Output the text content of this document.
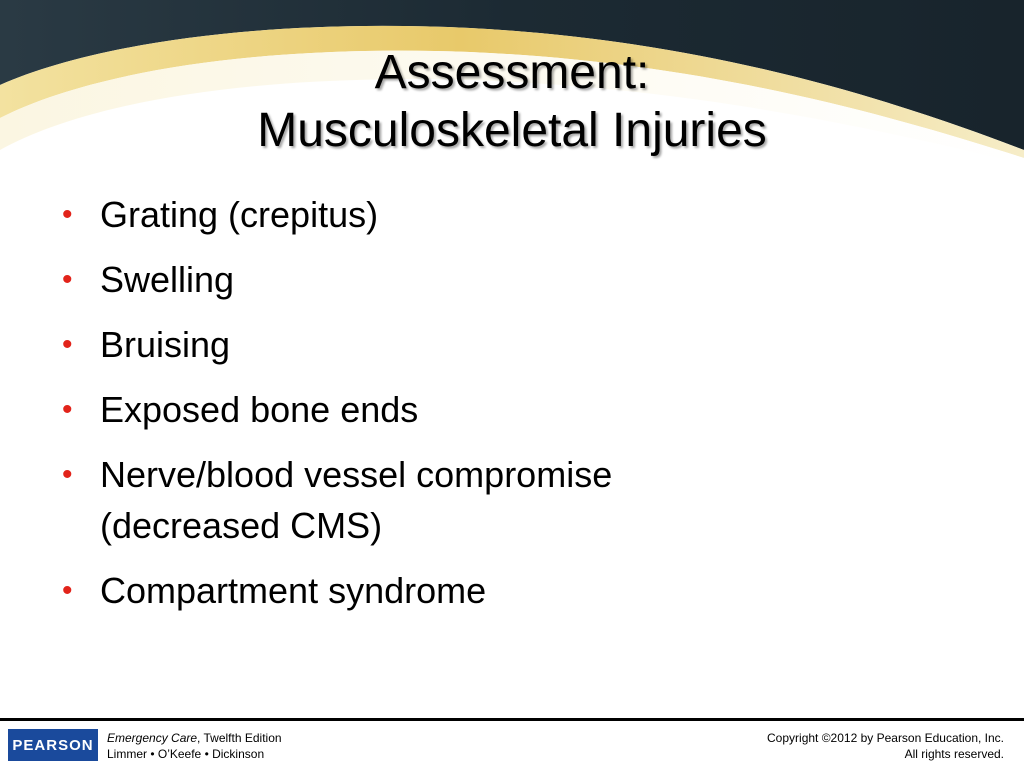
Assessment:
Musculoskeletal Injuries
• Grating (crepitus)
• Swelling
• Bruising
• Exposed bone ends
• Nerve/blood vessel compromise (decreased CMS)
• Compartment syndrome
PEARSON Emergency Care, Twelfth Edition
Limmer • O’Keefe • Dickinson
Copyright ©2012 by Pearson Education, Inc.
All rights reserved.
